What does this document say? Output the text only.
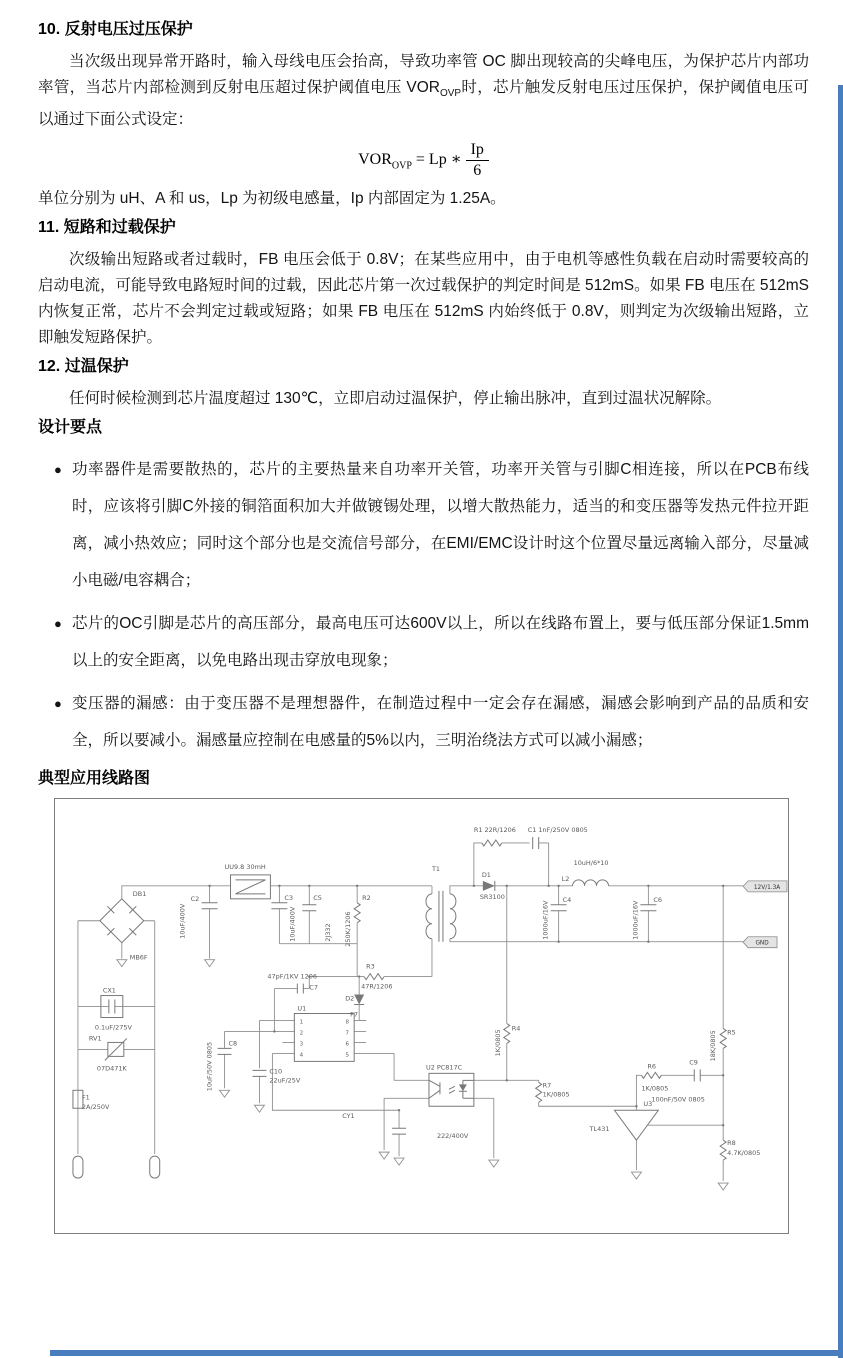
10. 反射电压过压保护

当次级出现异常开路时，输入母线电压会抬高，导致功率管 OC 脚出现较高的尖峰电压，为保护芯片内部功率管，当芯片内部检测到反射电压超过保护阈值电压 $VOR_{OVP}$时，芯片触发反射电压过压保护，保护阈值电压可以通过下面公式设定：

$VOR_{OVP} = Lp$ ∗ $\frac{Ip}{6}$

单位分别为 uH、A 和 us，Lp 为初级电感量，Ip 内部固定为 1.25A。

11. 短路和过载保护

次级输出短路或者过载时，FB 电压会低于 0.8V；在某些应用中，由于电机等感性负载在启动时需要较高的启动电流，可能导致电路短时间的过载，因此芯片第一次过载保护的判定时间是 512mS。如果 FB 电压在 512mS 内恢复正常，芯片不会判定过载或短路；如果 FB 电压在 512mS 内始终低于 0.8V，则判定为次级输出短路，立即触发短路保护。

12. 过温保护

任何时候检测到芯片温度超过 130℃，立即启动过温保护，停止输出脉冲，直到过温状况解除。

设计要点
● 功率器件是需要散热的，芯片的主要热量来自功率开关管，功率开关管与引脚C相连接，所以在PCB布线时，应该将引脚C外接的铜箔面积加大并做镀锡处理，以增大散热能力，适当的和变压器等发热元件拉开距离，减小热效应；同时这个部分也是交流信号部分，在EMI/EMC设计时这个位置尽量远离输入部分，尽量减小电磁/电容耦合；
● 芯片的OC引脚是芯片的高压部分，最高电压可达600V以上，所以在线路布置上，要与低压部分保证1.5mm以上的安全距离，以免电路出现击穿放电现象；
● 变压器的漏感：由于变压器不是理想器件，在制造过程中一定会存在漏感，漏感会影响到产品的品质和安全，所以要减小。漏感量应控制在电感量的5%以内，三明治绕法方式可以减小漏感；
典型应用线路图
12V/1.3A
GND
UU9.8 30mH
DB1
MB6F
C2
10uF/400V
C3
10uF/400V
C5
2J332
R2
250K/1206
T1
R1 22R/1206 C1 1nF/250V 0805
D1
SR3100
L2
10uH/6*10
C4
1000uF/16V
C6
1000uF/16V
CX1
0.1uF/275V
RV1
07D471K
F1
2A/250V
47pF/1KV 1206
C7
R3
47R/1206
D2
F7
U1
1
2
3
4
8
7
6
5
C8
10uF/50V 0805	C10
22uF/25V
U2 PC817C
R4
1K/0805	R5
18K/0805
R7
1K/0805
R6
1K/0805
C9
100nF/50V 0805
U3
TL431
R8
4.7K/0805
CY1
222/400V
